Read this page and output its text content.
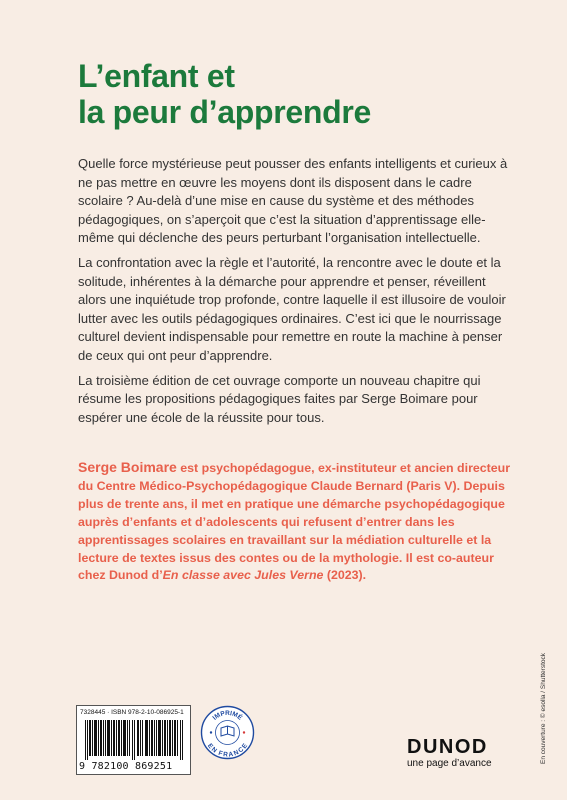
L’enfant et
la peur d’apprendre

Quelle force mystérieuse peut pousser des enfants intelligents et curieux à ne pas mettre en œuvre les moyens dont ils disposent dans le cadre scolaire ? Au-delà d’une mise en cause du système et des méthodes pédagogiques, on s’aperçoit que c’est la situation d’apprentissage elle-même qui déclenche des peurs perturbant l’organisation intellectuelle.

La confrontation avec la règle et l’autorité, la rencontre avec le doute et la solitude, inhérentes à la démarche pour apprendre et penser, réveillent alors une inquiétude trop profonde, contre laquelle il est illusoire de vouloir lutter avec les outils pédagogiques ordinaires. C’est ici que le nourrissage culturel devient indispensable pour remettre en route la machine à penser de ceux qui ont peur d’apprendre.

La troisième édition de cet ouvrage comporte un nouveau chapitre qui résume les propositions pédagogiques faites par Serge Boimare pour espérer une école de la réussite pour tous.

Serge Boimare est psychopédagogue, ex-instituteur et ancien directeur du Centre Médico-Psychopédagogique Claude Bernard (Paris V). Depuis plus de trente ans, il met en pratique une démarche psychopédagogique auprès d’enfants et d’adolescents qui refusent d’entrer dans les apprentissages scolaires en travaillant sur la médiation culturelle et la lecture de textes issus des contes ou de la mythologie. Il est co-auteur chez Dunod d’En classe avec Jules Verne (2023).

En couverture : © esolla / Shutterstock
7328445 · ISBN 978-2-10-086925-1
9 782100 869251
IMPRIMÉ
EN FRANCE	DUNOD

une page d’avance
